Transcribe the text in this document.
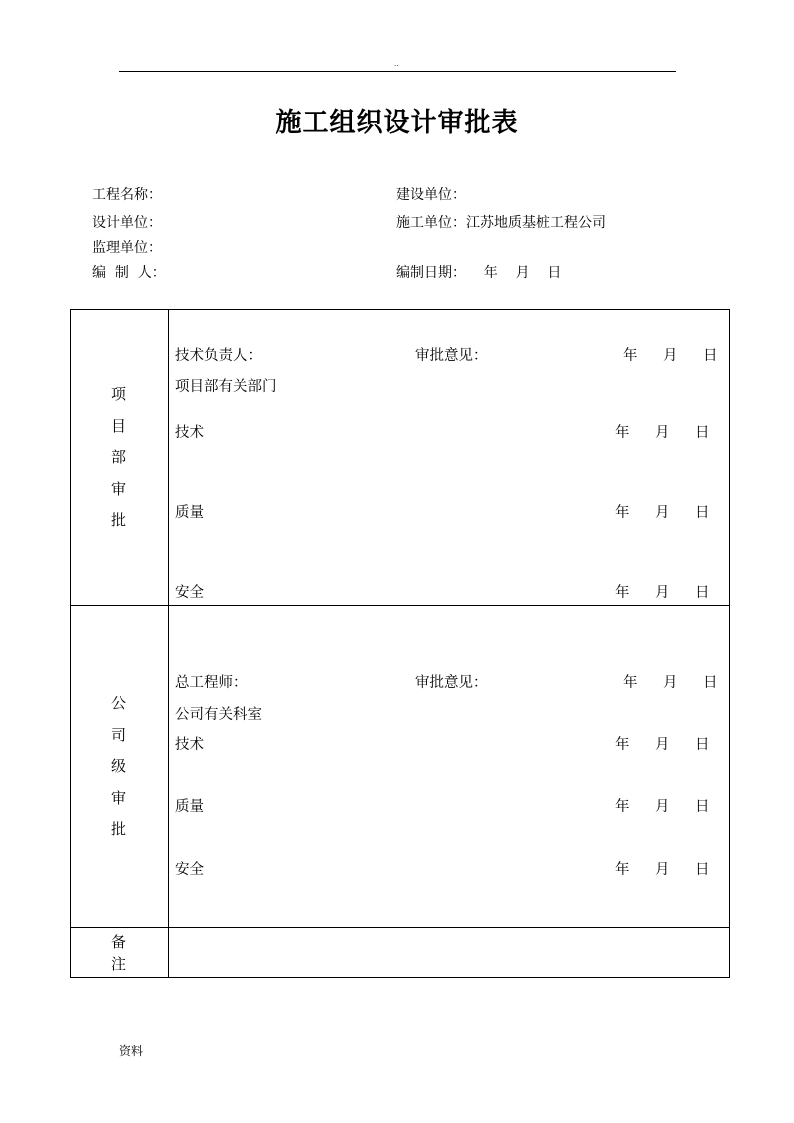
..
施工组织设计审批表
工程名称：	建设单位：
设计单位：	施工单位：江苏地质基桩工程公司
监理单位：
编  制  人：	编制日期：    年    月    日
项
目
部
审
批
技术负责人：	审批意见：	年 月 日
项目部有关部门
技术	年 月 日
质量	年 月 日
安全	年 月 日
公
司
级
审
批
总工程师：	审批意见：	年 月 日
公司有关科室
技术	年 月 日
质量	年 月 日
安全	年 月 日
备
注
资料
